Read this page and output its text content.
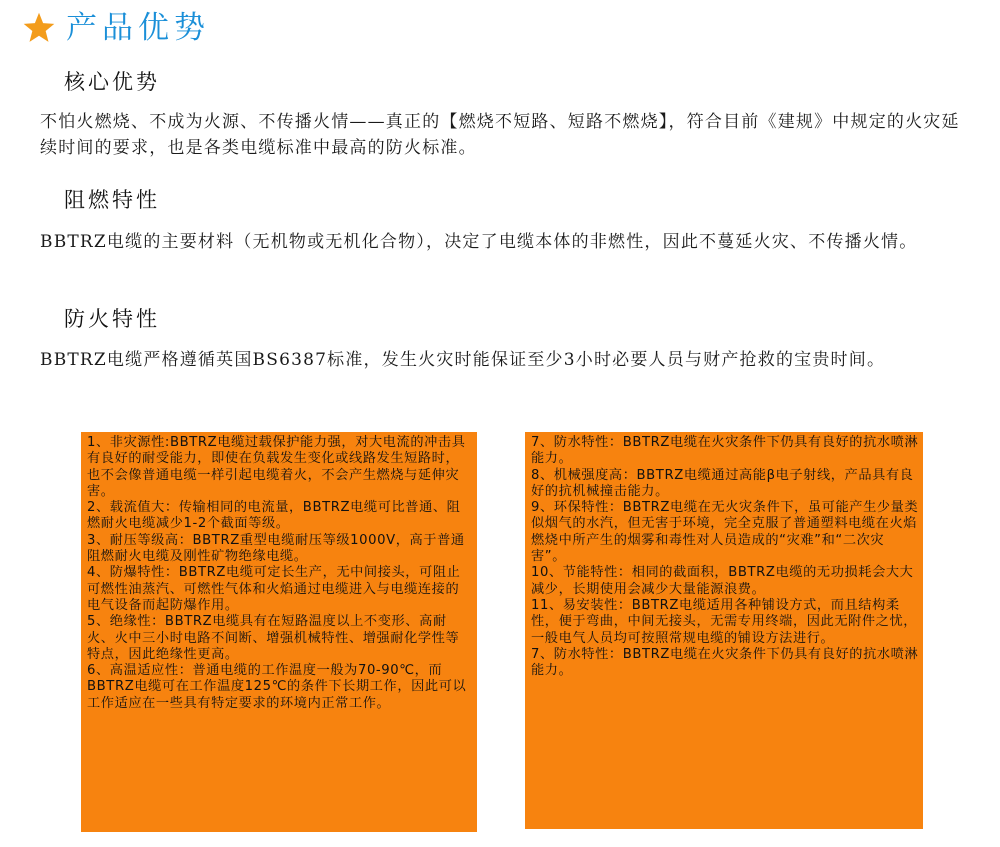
产品优势
核心优势

不怕火燃烧、不成为火源、不传播火情——真正的【燃烧不短路、短路不燃烧】，符合目前《建规》中规定的火灾延续时间的要求，也是各类电缆标准中最高的防火标准。

阻燃特性

BBTRZ电缆的主要材料（无机物或无机化合物），决定了电缆本体的非燃性，因此不蔓延火灾、不传播火情。

防火特性

BBTRZ电缆严格遵循英国BS6387标准，发生火灾时能保证至少3小时必要人员与财产抢救的宝贵时间。

1、非灾源性:BBTRZ电缆过载保护能力强，对大电流的冲击具有良好的耐受能力，即使在负载发生变化或线路发生短路时，也不会像普通电缆一样引起电缆着火，不会产生燃烧与延伸灾害。

2、载流值大：传输相同的电流量，BBTRZ电缆可比普通、阻燃耐火电缆减少1-2个截面等级。

3、耐压等级高：BBTRZ重型电缆耐压等级1000V，高于普通阻燃耐火电缆及刚性矿物绝缘电缆。

4、防爆特性：BBTRZ电缆可定长生产，无中间接头，可阻止可燃性油蒸汽、可燃性气体和火焰通过电缆进入与电缆连接的电气设备而起防爆作用。

5、绝缘性：BBTRZ电缆具有在短路温度以上不变形、高耐火、火中三小时电路不间断、增强机械特性、增强耐化学性等特点，因此绝缘性更高。

6、高温适应性：普通电缆的工作温度一般为70-90℃，而BBTRZ电缆可在工作温度125℃的条件下长期工作，因此可以工作适应在一些具有特定要求的环境内正常工作。

7、防水特性：BBTRZ电缆在火灾条件下仍具有良好的抗水喷淋能力。

8、机械强度高：BBTRZ电缆通过高能β电子射线，产品具有良好的抗机械撞击能力。

9、环保特性：BBTRZ电缆在无火灾条件下，虽可能产生少量类似烟气的水汽，但无害于环境，完全克服了普通塑料电缆在火焰燃烧中所产生的烟雾和毒性对人员造成的“灾难”和“二次灾害”。

10、节能特性：相同的截面积，BBTRZ电缆的无功损耗会大大减少，长期使用会减少大量能源浪费。

11、易安装性：BBTRZ电缆适用各种铺设方式，而且结构柔性，便于弯曲，中间无接头，无需专用终端，因此无附件之忧，一般电气人员均可按照常规电缆的铺设方法进行。

7、防水特性：BBTRZ电缆在火灾条件下仍具有良好的抗水喷淋能力。
